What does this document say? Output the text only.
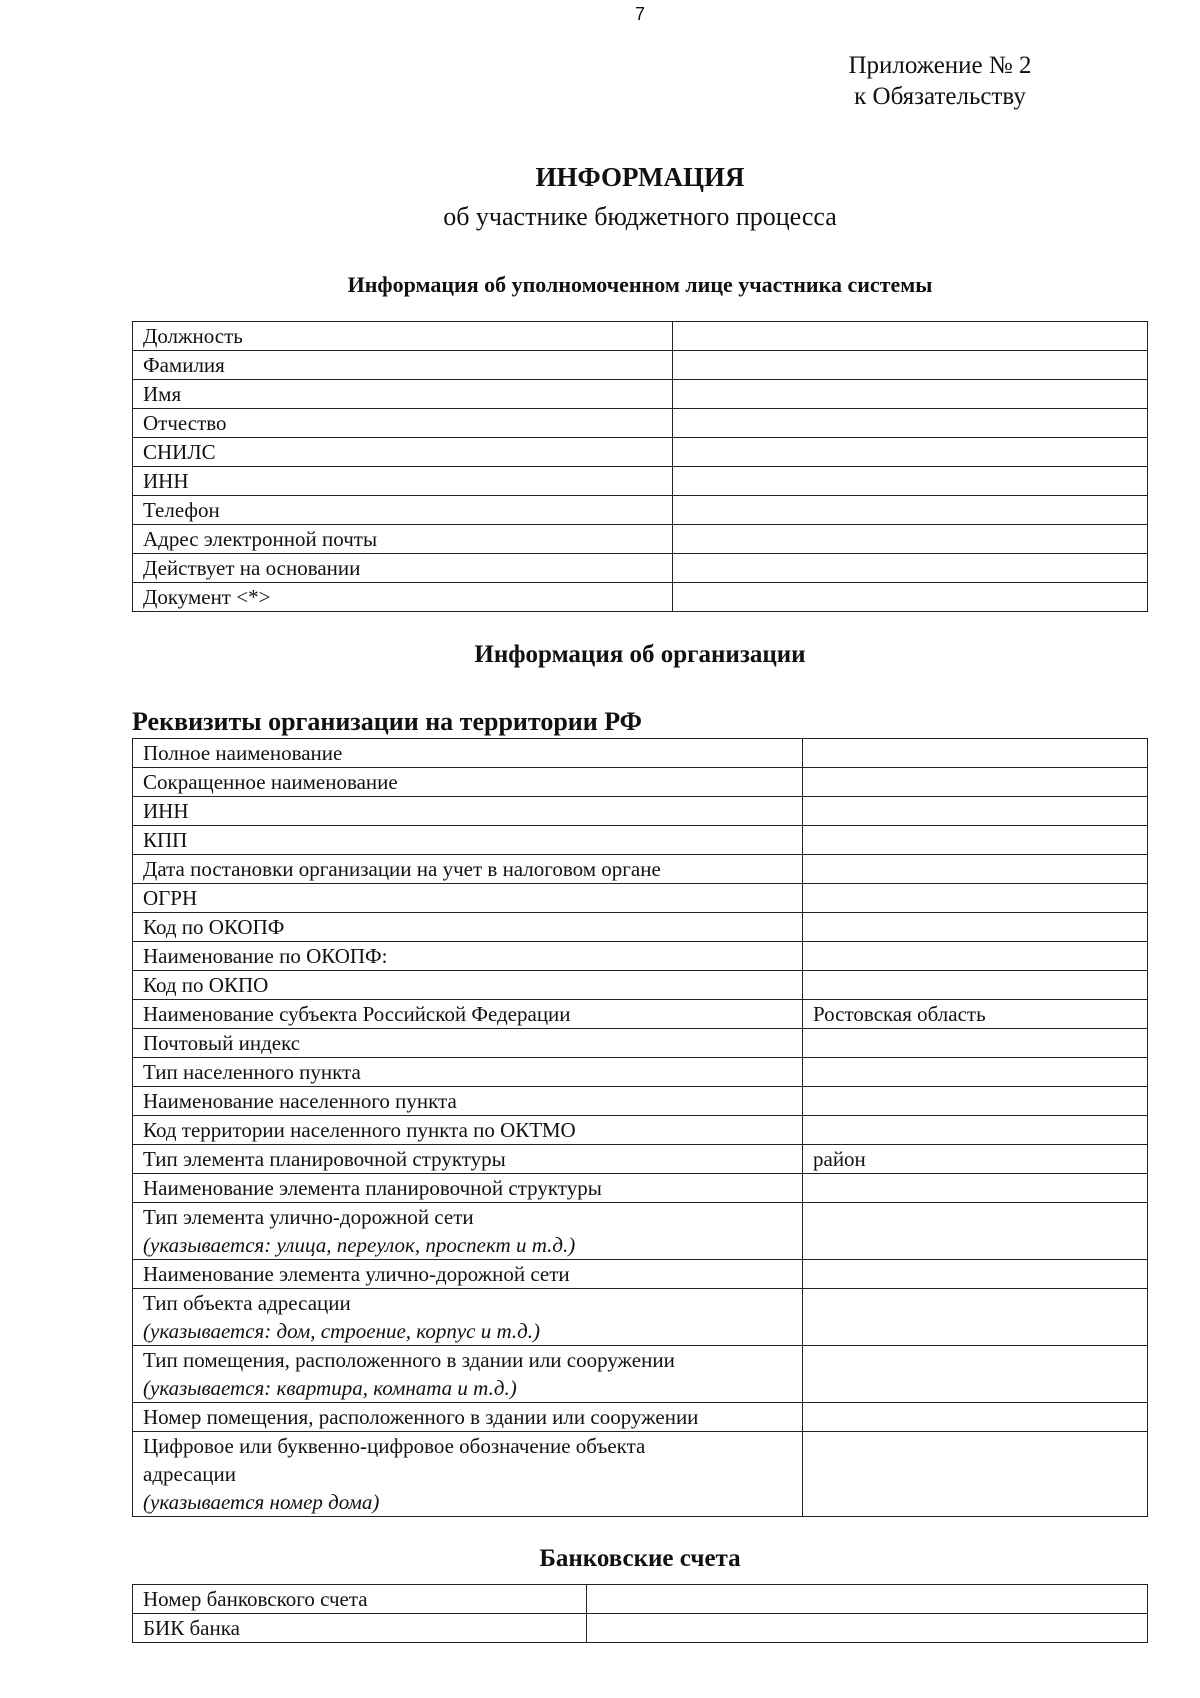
7
Приложение № 2
к Обязательству
ИНФОРМАЦИЯ
об участнике бюджетного процесса
Информация об уполномоченном лице участника системы
Должность	

Фамилия	

Имя	

Отчество	

СНИЛС	

ИНН	

Телефон	

Адрес электронной почты	

Действует на основании	

Документ <*>	

Информация об организации
Реквизиты организации на территории РФ
Полное наименование	

Сокращенное наименование	

ИНН	

КПП	

Дата постановки организации на учет в налоговом органе	

ОГРН	

Код по ОКОПФ	

Наименование по ОКОПФ:	

Код по ОКПО	

Наименование субъекта Российской Федерации	Ростовская область

Почтовый индекс	

Тип населенного пункта	

Наименование населенного пункта	

Код территории населенного пункта по ОКТМО	

Тип элемента планировочной структуры	район

Наименование элемента планировочной структуры	

Тип элемента улично-дорожной сети
(указывается: улица, переулок, проспект и т.д.)	

Наименование элемента улично-дорожной сети	

Тип объекта адресации
(указывается: дом, строение, корпус и т.д.)	

Тип помещения, расположенного в здании или сооружении
(указывается: квартира, комната и т.д.)	

Номер помещения, расположенного в здании или сооружении	

Цифровое или буквенно-цифровое обозначение объекта
адресации
(указывается номер дома)	

Банковские счета
Номер банковского счета	

БИК банка	
